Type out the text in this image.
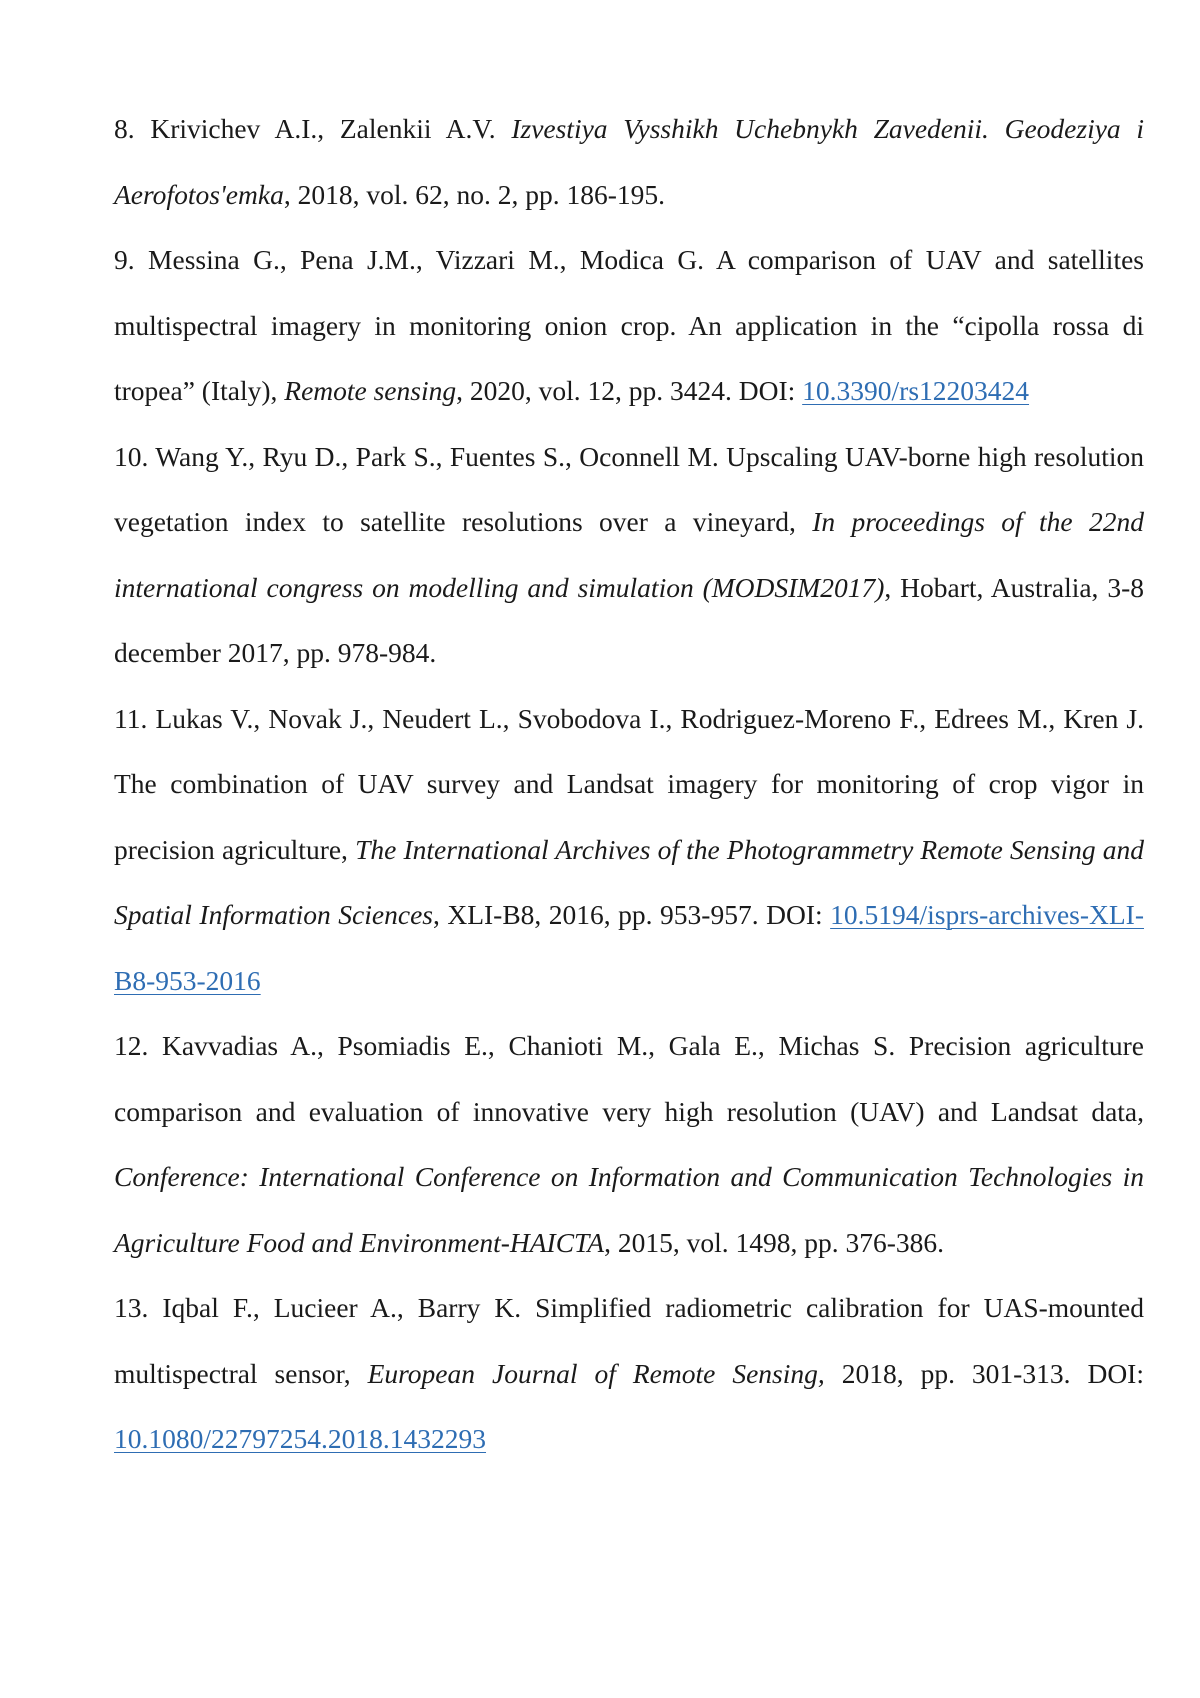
8. Krivichev A.I., Zalenkii A.V. Izvestiya Vysshikh Uchebnykh Zavedenii. Geodeziya i Aerofotos'emka, 2018, vol. 62, no. 2, pp. 186-195.

9. Messina G., Pena J.M., Vizzari M., Modica G. A comparison of UAV and satellites multispectral imagery in monitoring onion crop. An application in the “cipolla rossa di tropea” (Italy), Remote sensing, 2020, vol. 12, pp. 3424. DOI: 10.3390/rs12203424

10. Wang Y., Ryu D., Park S., Fuentes S., Oconnell M. Upscaling UAV-borne high resolution vegetation index to satellite resolutions over a vineyard, In proceedings of the 22nd international congress on modelling and simulation (MODSIM2017), Hobart, Australia, 3-8 december 2017, pp. 978-984.

11. Lukas V., Novak J., Neudert L., Svobodova I., Rodriguez-Moreno F., Edrees M., Kren J. The combination of UAV survey and Landsat imagery for monitoring of crop vigor in precision agriculture, The International Archives of the Photogrammetry Remote Sensing and Spatial Information Sciences, XLI-B8, 2016, pp. 953-957. DOI: 10.5194/isprs-archives-XLI-B8-953-2016

12. Kavvadias A., Psomiadis E., Chanioti M., Gala E., Michas S. Precision agriculture comparison and evaluation of innovative very high resolution (UAV) and Landsat data, Conference: International Conference on Information and Communication Technologies in Agriculture Food and Environment-HAICTA, 2015, vol. 1498, pp. 376-386.

13. Iqbal F., Lucieer A., Barry K. Simplified radiometric calibration for UAS-mounted multispectral sensor, European Journal of Remote Sensing, 2018, pp. 301-313. DOI: 10.1080/22797254.2018.1432293
